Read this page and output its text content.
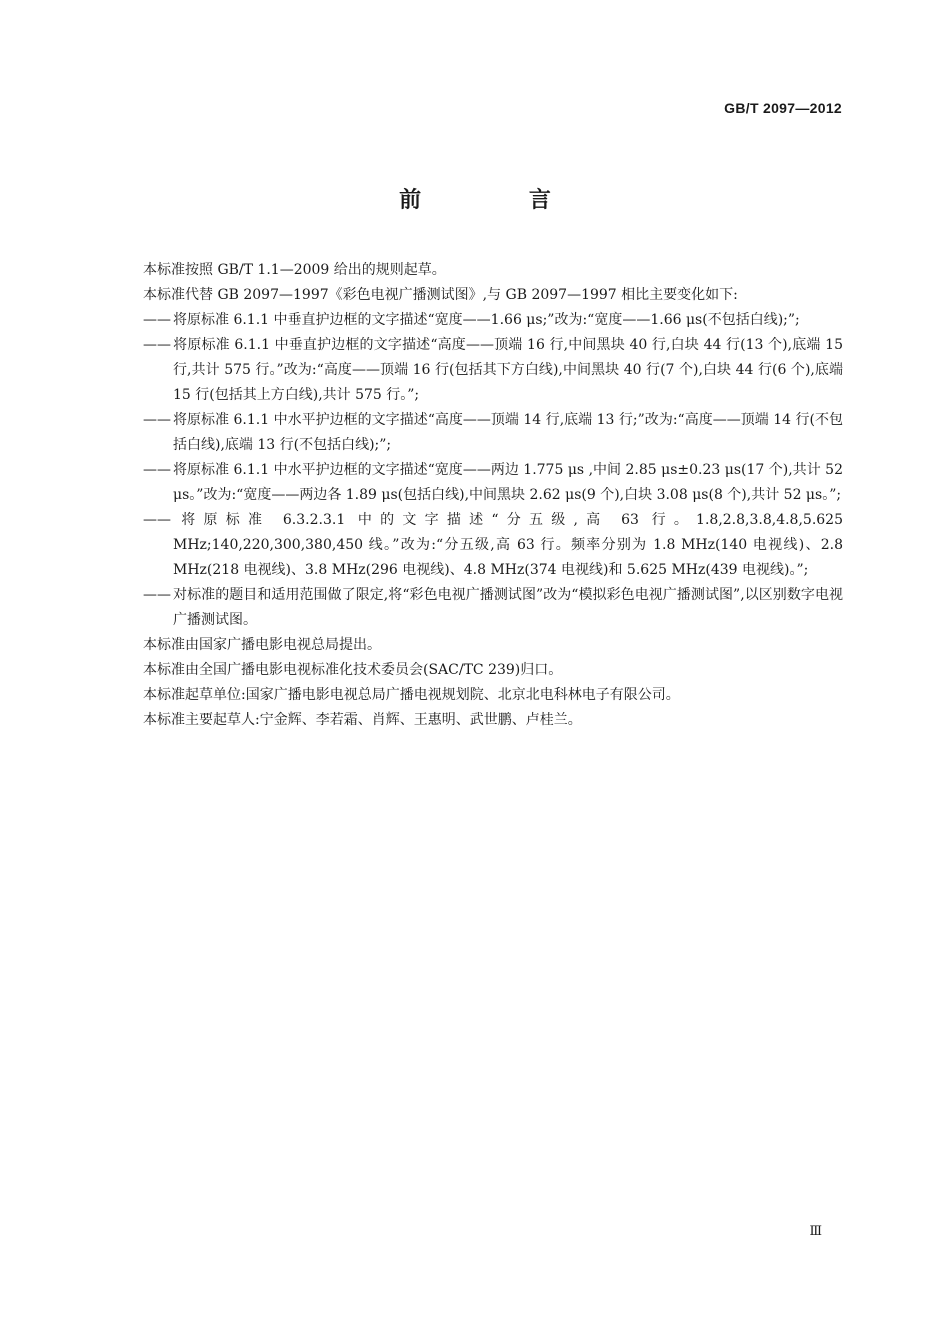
GB/T 2097—2012
前 言

本标准按照 GB/T 1.1—2009 给出的规则起草。

本标准代替 GB 2097—1997《彩色电视广播测试图》,与 GB 2097—1997 相比主要变化如下:

—— 将原标准 6.1.1 中垂直护边框的文字描述“宽度——1.66 μs;”改为:“宽度——1.66 μs(不包括白线);”;

—— 将原标准 6.1.1 中垂直护边框的文字描述“高度——顶端 16 行,中间黑块 40 行,白块 44 行(13 个),底端 15 行,共计 575 行。”改为:“高度——顶端 16 行(包括其下方白线),中间黑块 40 行(7 个),白块 44 行(6 个),底端 15 行(包括其上方白线),共计 575 行。”;

—— 将原标准 6.1.1 中水平护边框的文字描述“高度——顶端 14 行,底端 13 行;”改为:“高度——顶端 14 行(不包括白线),底端 13 行(不包括白线);”;

—— 将原标准 6.1.1 中水平护边框的文字描述“宽度——两边 1.775 μs ,中间 2.85 μs±0.23 μs(17 个),共计 52 μs。”改为:“宽度——两边各 1.89 μs(包括白线),中间黑块 2.62 μs(9 个),白块 3.08 μs(8 个),共计 52 μs。”;

—— 将原标准 6.3.2.3.1 中的文字描述“分五级,高 63 行。1.8,2.8,3.8,4.8,5.625 MHz;140,220,300,380,450 线。”改为:“分五级,高 63 行。频率分别为 1.8 MHz(140 电视线)、2.8 MHz(218 电视线)、3.8 MHz(296 电视线)、4.8 MHz(374 电视线)和 5.625 MHz(439 电视线)。”;

—— 对标准的题目和适用范围做了限定,将“彩色电视广播测试图”改为“模拟彩色电视广播测试图”,以区别数字电视广播测试图。

本标准由国家广播电影电视总局提出。

本标准由全国广播电影电视标准化技术委员会(SAC/TC 239)归口。

本标准起草单位:国家广播电影电视总局广播电视规划院、北京北电科林电子有限公司。

本标准主要起草人:宁金辉、李若霜、肖辉、王惠明、武世鹏、卢桂兰。

Ⅲ
